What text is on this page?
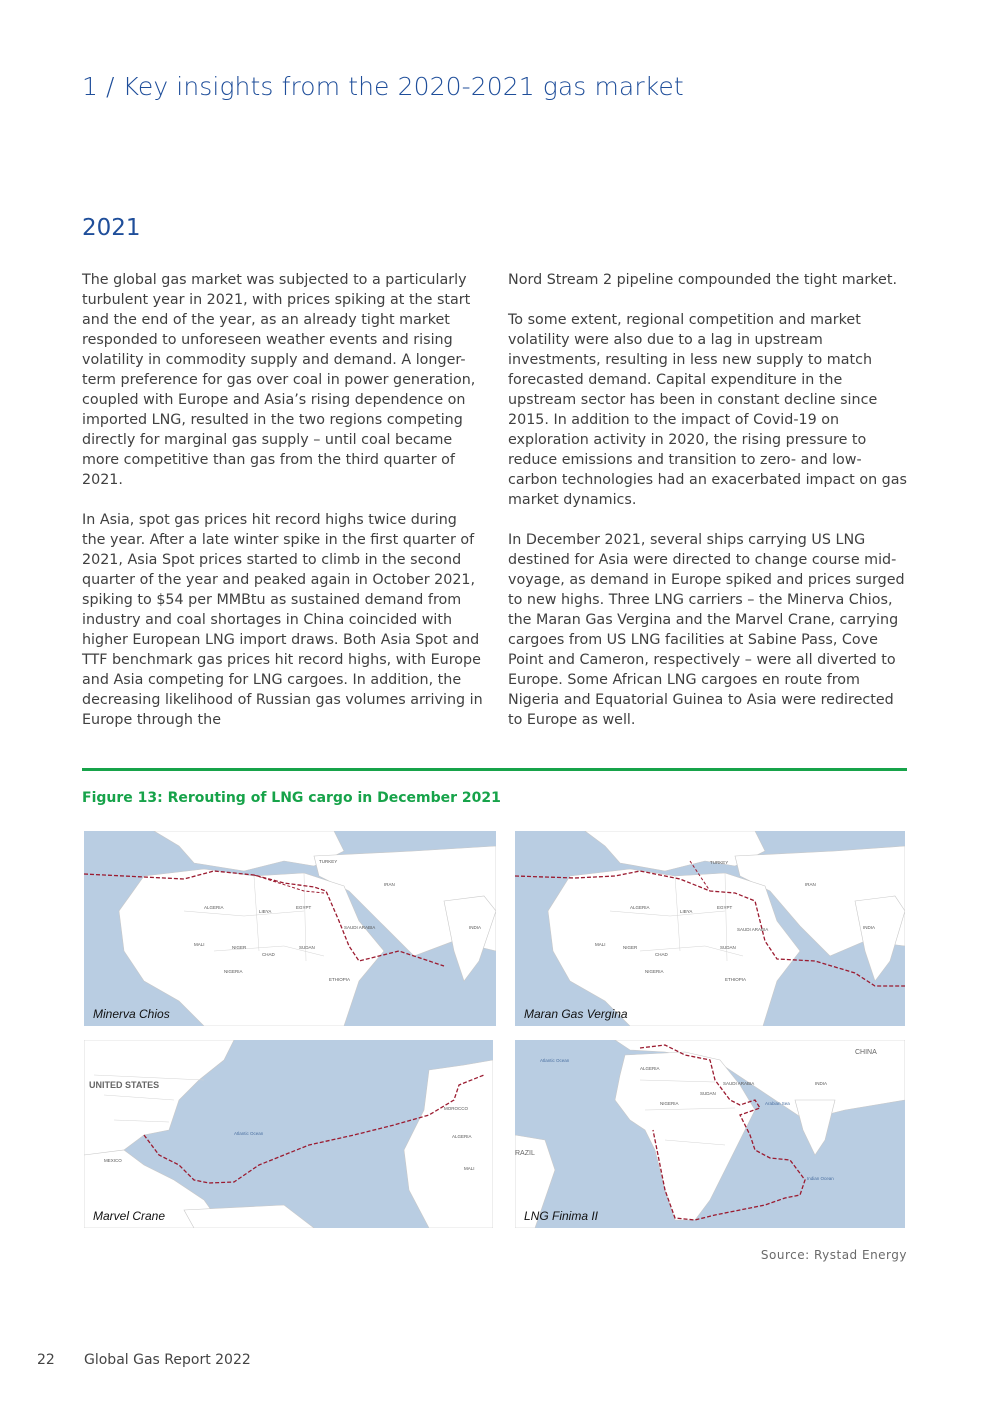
1 / Key insights from the 2020-2021 gas market
2021

The global gas market was subjected to a particularly turbulent year in 2021, with prices spiking at the start and the end of the year, as an already tight market responded to unforeseen weather events and rising volatility in commodity supply and demand. A longer-term preference for gas over coal in power generation, coupled with Europe and Asia’s rising dependence on imported LNG, resulted in the two regions competing directly for marginal gas supply – until coal became more competitive than gas from the third quarter of 2021.

In Asia, spot gas prices hit record highs twice during the year. After a late winter spike in the first quarter of 2021, Asia Spot prices started to climb in the second quarter of the year and peaked again in October 2021, spiking to $54 per MMBtu as sustained demand from industry and coal shortages in China coincided with higher European LNG import draws. Both Asia Spot and TTF benchmark gas prices hit record highs, with Europe and Asia competing for LNG cargoes. In addition, the decreasing likelihood of Russian gas volumes arriving in Europe through the

Nord Stream 2 pipeline compounded the tight market.

To some extent, regional competition and market volatility were also due to a lag in upstream investments, resulting in less new supply to match forecasted demand. Capital expenditure in the upstream sector has been in constant decline since 2015. In addition to the impact of Covid-19 on exploration activity in 2020, the rising pressure to reduce emissions and transition to zero- and low-carbon technologies had an exacerbated impact on gas market dynamics.

In December 2021, several ships carrying US LNG destined for Asia were directed to change course mid-voyage, as demand in Europe spiked and prices surged to new highs. Three LNG carriers – the Minerva Chios, the Maran Gas Vergina and the Marvel Crane, carrying cargoes from US LNG facilities at Sabine Pass, Cove Point and Cameron, respectively – were all diverted to Europe. Some African LNG cargoes en route from Nigeria and Equatorial Guinea to Asia were redirected to Europe as well.

Figure 13: Rerouting of LNG cargo in December 2021
ALGERIA
LIBYA
EGYPT
SUDAN
CHAD
NIGER
MALI
NIGERIA
ETHIOPIA
SAUDI ARABIA	INDIA
TURKEY
IRAN
Minerva Chios
ALGERIA
LIBYA
EGYPT
SUDAN
CHAD
NIGER
MALI
NIGERIA
ETHIOPIA
SAUDI ARABIA	INDIA
TURKEY
IRAN
Maran Gas Vergina
UNITED STATES
MEXICO
Atlantic Ocean
ALGERIA
MOROCCO
MALI
Marvel Crane
Atlantic Ocean
CHINA
INDIA
SAUDI ARABIA
Arabian Sea
Indian Ocean
RAZIL
ALGERIA
SUDAN
NIGERIA
LNG Finima II
Source: Rystad Energy
22 Global Gas Report 2022
